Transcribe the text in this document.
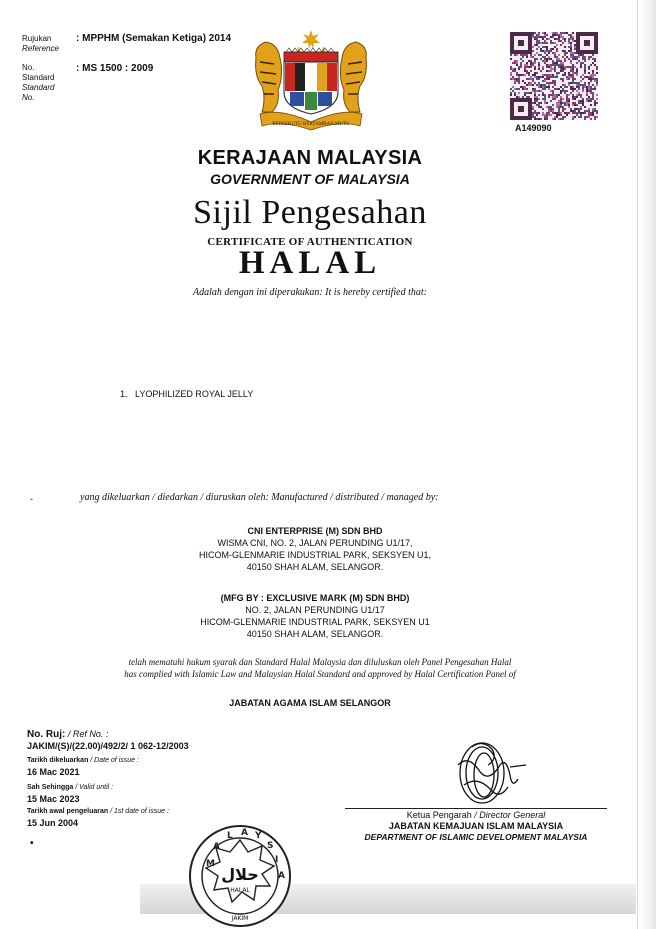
Rujukan
Reference
: MPPHM (Semakan Ketiga) 2014
No.
Standard
Standard
No.
: MS 1500 : 2009
BERSEKUTU BERTAMBAH MUTU	A149090
KERAJAAN MALAYSIA
GOVERNMENT OF MALAYSIA
Sijil Pengesahan
CERTIFICATE OF AUTHENTICATION
HALAL
Adalah dengan ini diperakukan: It is hereby certified that:
1.   LYOPHILIZED ROYAL JELLY
-	yang dikeluarkan / diedarkan / diuruskan oleh: Manufactured / distributed / managed by:
CNI ENTERPRISE (M) SDN BHD
WISMA CNI, NO. 2, JALAN PERUNDING U1/17,
HICOM-GLENMARIE INDUSTRIAL PARK, SEKSYEN U1,
40150 SHAH ALAM, SELANGOR.
(MFG BY : EXCLUSIVE MARK (M) SDN BHD)
NO. 2, JALAN PERUNDING U1/17
HICOM-GLENMARIE INDUSTRIAL PARK, SEKSYEN U1
40150 SHAH ALAM, SELANGOR.
telah mematuhi hukum syarak dan Standard Halal Malaysia dan diluluskan oleh Panel Pengesahan Halal
has complied with Islamic Law and Malaysian Halal Standard and approved by Halal Certification Panel of
JABATAN AGAMA ISLAM SELANGOR
No. Ruj: / Ref No. :
JAKIM/(S)/(22.00)/492/2/ 1 062-12/2003
Tarikh dikeluarkan / Date of issue :
16 Mac 2021
Sah Sehingga / Valid until :
15 Mac 2023
Tarikh awal pengeluaran / 1st date of issue :
15 Jun 2004
•
Ketua Pengarah / Director General
JABATAN KEMAJUAN ISLAM MALAYSIA
DEPARTMENT OF ISLAMIC DEVELOPMENT MALAYSIA
M
A
L A Y
S
I
A
حلال
HALAL
JAKIM
